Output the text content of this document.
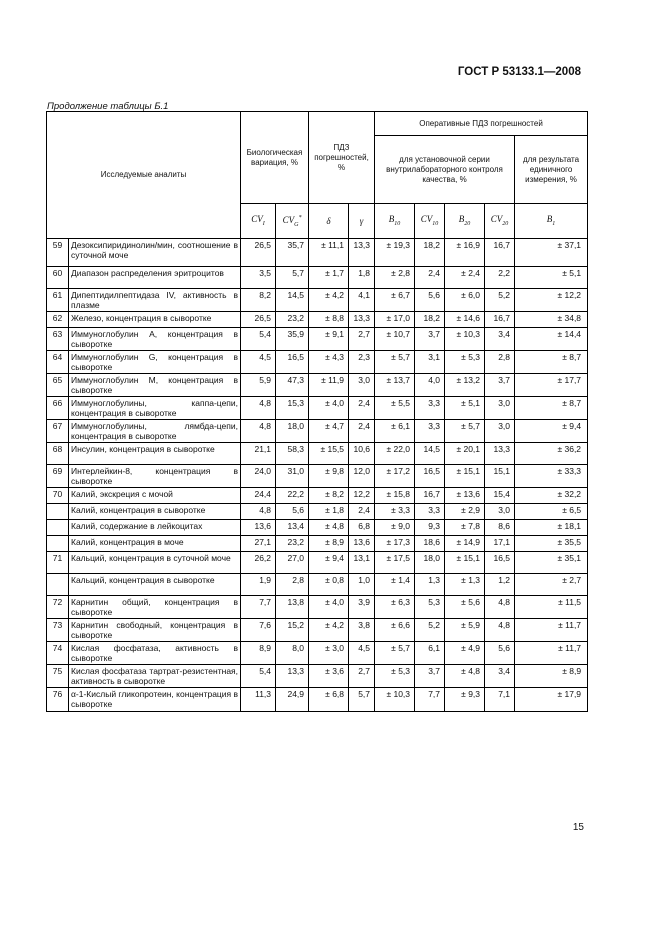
ГОСТ Р 53133.1—2008
Продолжение таблицы Б.1
Исследуемые аналиты		Биологическая вариация, %		ПДЗ погрешностей, %		Оперативные ПДЗ погрешностей				
						для установочной серии внутрилабораторного контроля качества, %				для результата единичного измерения, %
		$CV_I$	$CV_G^*$	δ	γ	$B_{10}$	$CV_{10}$	$B_{20}$	$CV_{20}$	$B_1$
59	Дезоксипиридинолин/мин, соотношение в суточной моче	26,5	35,7	± 11,1	13,3	± 19,3	18,2	± 16,9	16,7	± 37,1
60	Диапазон распределения эритроцитов	3,5	5,7	± 1,7	1,8	± 2,8	2,4	± 2,4	2,2	± 5,1
61	Дипептидилпептидаза IV, активность в плазме	8,2	14,5	± 4,2	4,1	± 6,7	5,6	± 6,0	5,2	± 12,2
62	Железо, концентрация в сыворотке	26,5	23,2	± 8,8	13,3	± 17,0	18,2	± 14,6	16,7	± 34,8
63	Иммуноглобулин А, концентрация в сыворотке	5,4	35,9	± 9,1	2,7	± 10,7	3,7	± 10,3	3,4	± 14,4
64	Иммуноглобулин G, концентрация в сыворотке	4,5	16,5	± 4,3	2,3	± 5,7	3,1	± 5,3	2,8	± 8,7
65	Иммуноглобулин М, концентрация в сыворотке	5,9	47,3	± 11,9	3,0	± 13,7	4,0	± 13,2	3,7	± 17,7
66	Иммуноглобулины, каппа-цепи, концентрация в сыворотке	4,8	15,3	± 4,0	2,4	± 5,5	3,3	± 5,1	3,0	± 8,7
67	Иммуноглобулины, лямбда-цепи, концентрация в сыворотке	4,8	18,0	± 4,7	2,4	± 6,1	3,3	± 5,7	3,0	± 9,4
68	Инсулин, концентрация в сыворотке	21,1	58,3	± 15,5	10,6	± 22,0	14,5	± 20,1	13,3	± 36,2
69	Интерлейкин-8, концентрация в сыворотке	24,0	31,0	± 9,8	12,0	± 17,2	16,5	± 15,1	15,1	± 33,3
70	Калий, экскреция с мочой	24,4	22,2	± 8,2	12,2	± 15,8	16,7	± 13,6	15,4	± 32,2
	Калий, концентрация в сыворотке	4,8	5,6	± 1,8	2,4	± 3,3	3,3	± 2,9	3,0	± 6,5
	Калий, содержание в лейкоцитах	13,6	13,4	± 4,8	6,8	± 9,0	9,3	± 7,8	8,6	± 18,1
	Калий, концентрация в моче	27,1	23,2	± 8,9	13,6	± 17,3	18,6	± 14,9	17,1	± 35,5
71	Кальций, концентрация в суточной моче	26,2	27,0	± 9,4	13,1	± 17,5	18,0	± 15,1	16,5	± 35,1
	Кальций, концентрация в сыворотке	1,9	2,8	± 0,8	1,0	± 1,4	1,3	± 1,3	1,2	± 2,7
72	Карнитин общий, концентрация в сыворотке	7,7	13,8	± 4,0	3,9	± 6,3	5,3	± 5,6	4,8	± 11,5
73	Карнитин свободный, концентрация в сыворотке	7,6	15,2	± 4,2	3,8	± 6,6	5,2	± 5,9	4,8	± 11,7
74	Кислая фосфатаза, активность в сыворотке	8,9	8,0	± 3,0	4,5	± 5,7	6,1	± 4,9	5,6	± 11,7
75	Кислая фосфатаза тартрат-резистентная, активность в сыворотке	5,4	13,3	± 3,6	2,7	± 5,3	3,7	± 4,8	3,4	± 8,9
76	α-1-Кислый гликопротеин, концентрация в сыворотке	11,3	24,9	± 6,8	5,7	± 10,3	7,7	± 9,3	7,1	± 17,9
15
